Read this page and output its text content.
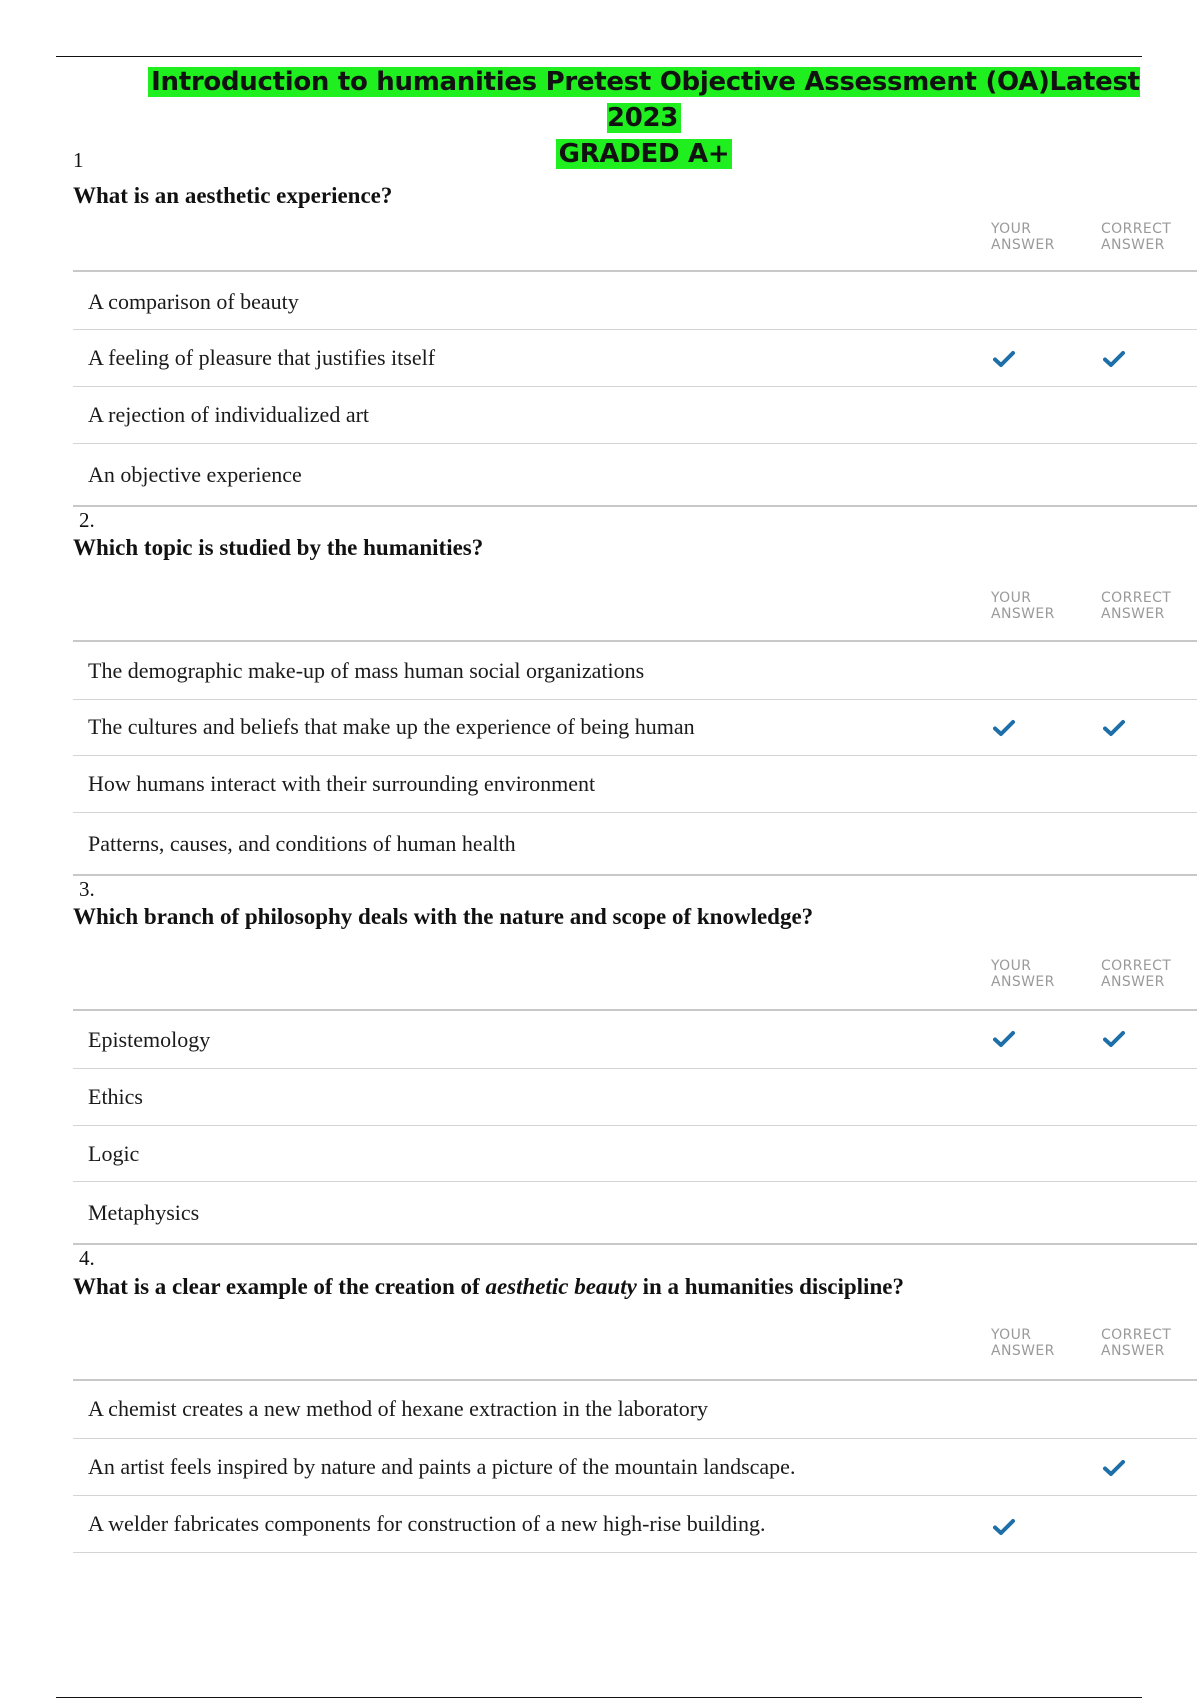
Introduction to humanities Pretest Objective Assessment (OA)Latest 2023
GRADED A+
1
What is an aesthetic experience?
YOUR
ANSWER
CORRECT
ANSWER
A comparison of beauty
A feeling of pleasure that justifies itself
A rejection of individualized art
An objective experience
2.
Which topic is studied by the humanities?
YOUR
ANSWER
CORRECT
ANSWER
The demographic make-up of mass human social organizations
The cultures and beliefs that make up the experience of being human
How humans interact with their surrounding environment
Patterns, causes, and conditions of human health
3.
Which branch of philosophy deals with the nature and scope of knowledge?
YOUR
ANSWER
CORRECT
ANSWER
Epistemology
Ethics
Logic
Metaphysics
4.
What is a clear example of the creation of aesthetic beauty in a humanities discipline?
YOUR
ANSWER
CORRECT
ANSWER
A chemist creates a new method of hexane extraction in the laboratory
An artist feels inspired by nature and paints a picture of the mountain landscape.
A welder fabricates components for construction of a new high-rise building.
